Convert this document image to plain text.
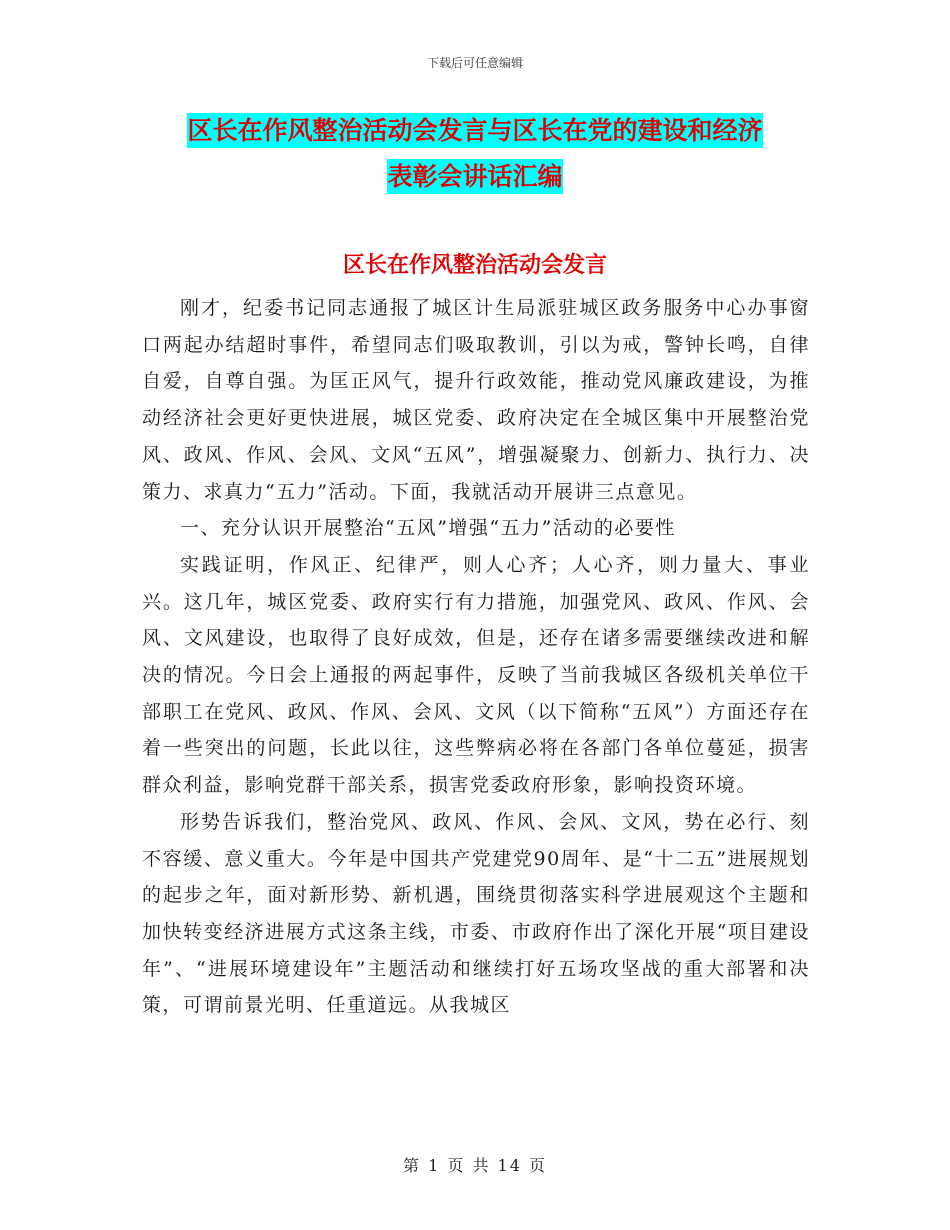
下载后可任意编辑
区长在作风整治活动会发言与区长在党的建设和经济
表彰会讲话汇编
区长在作风整治活动会发言

刚才，纪委书记同志通报了城区计生局派驻城区政务服务中心办事窗口两起办结超时事件，希望同志们吸取教训，引以为戒，警钟长鸣，自律自爱，自尊自强。为匡正风气，提升行政效能，推动党风廉政建设，为推动经济社会更好更快进展，城区党委、政府决定在全城区集中开展整治党风、政风、作风、会风、文风“五风”，增强凝聚力、创新力、执行力、决策力、求真力“五力”活动。下面，我就活动开展讲三点意见。

一、充分认识开展整治“五风”增强“五力”活动的必要性

实践证明，作风正、纪律严，则人心齐；人心齐，则力量大、事业兴。这几年，城区党委、政府实行有力措施，加强党风、政风、作风、会风、文风建设，也取得了良好成效，但是，还存在诸多需要继续改进和解决的情况。今日会上通报的两起事件，反映了当前我城区各级机关单位干部职工在党风、政风、作风、会风、文风（以下简称“五风”）方面还存在着一些突出的问题，长此以往，这些弊病必将在各部门各单位蔓延，损害群众利益，影响党群干部关系，损害党委政府形象，影响投资环境。

形势告诉我们，整治党风、政风、作风、会风、文风，势在必行、刻不容缓、意义重大。今年是中国共产党建党90周年、是“十二五”进展规划的起步之年，面对新形势、新机遇，围绕贯彻落实科学进展观这个主题和加快转变经济进展方式这条主线，市委、市政府作出了深化开展“项目建设年”、“进展环境建设年”主题活动和继续打好五场攻坚战的重大部署和决策，可谓前景光明、任重道远。从我城区

第 1 页 共 14 页
